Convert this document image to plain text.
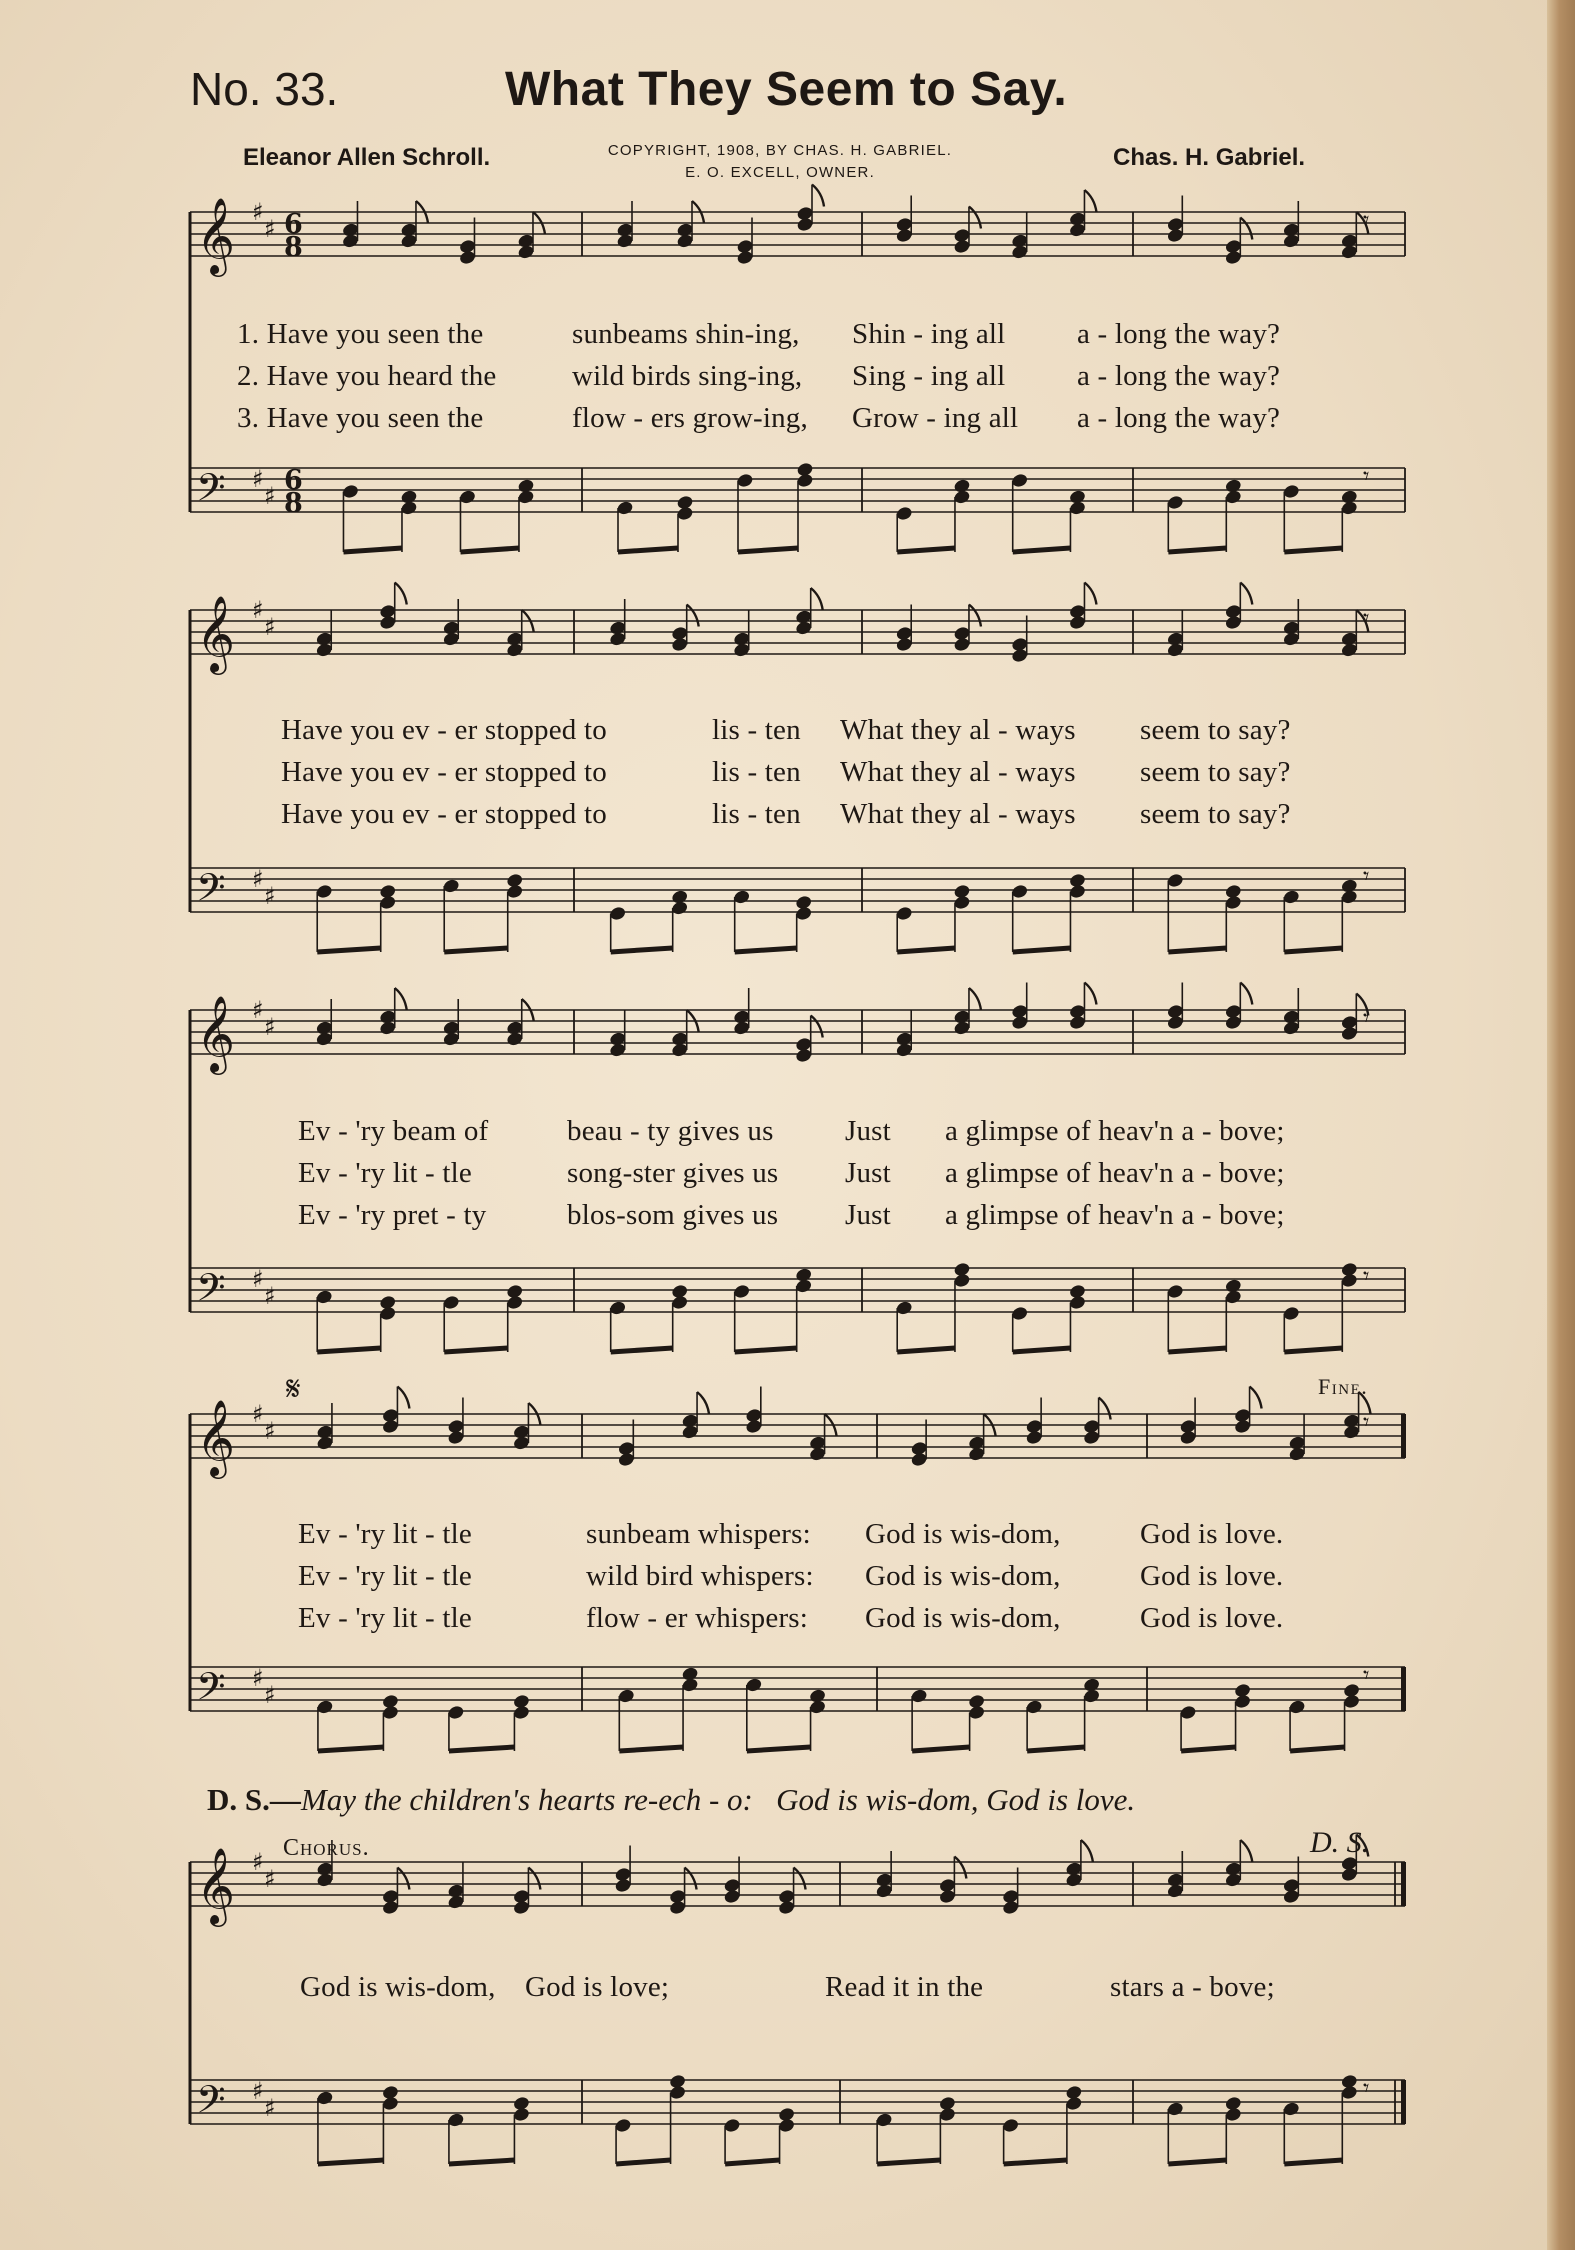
No. 33.	What They Seem to Say.
Eleanor Allen Schroll.	COPYRIGHT, 1908, BY CHAS. H. GABRIEL.
E. O. EXCELL, OWNER.
Chas. H. Gabriel.
𝄞 ♯
♯ 6
8
𝄾
𝄢 ♯
♯ 6
8
𝄾
𝄞 ♯
♯	𝄾
𝄢 ♯
♯
𝄾
𝄞 ♯
♯	𝄾
𝄢 ♯
♯
𝄾
𝄞 ♯
♯	𝄾
𝄢 ♯
♯
𝄾
𝄋
𝄞 ♯
♯
𝄢 ♯
♯
𝄾
1. Have you seen the	sunbeams shin-ing, Shin - ing all a - long the way?
2. Have you heard the	wild birds sing-ing, Sing - ing all a - long the way?
3. Have you seen the	flow - ers grow-ing, Grow - ing all a - long the way?
Have you ev - er stopped to	lis - ten What they al - ways seem to say?
Have you ev - er stopped to	lis - ten What they al - ways seem to say?
Have you ev - er stopped to	lis - ten What they al - ways seem to say?
Ev - 'ry beam of	beau - ty gives us Just a glimpse of heav'n a - bove;
Ev - 'ry lit - tle	song-ster gives us Just a glimpse of heav'n a - bove;
Ev - 'ry pret - ty	blos-som gives us Just a glimpse of heav'n a - bove;
Ev - 'ry lit - tle	sunbeam whispers: God is wis-dom,	God is love.
Ev - 'ry lit - tle	wild bird whispers: God is wis-dom,	God is love.
Ev - 'ry lit - tle	flow - er whispers: God is wis-dom,	God is love.
God is wis-dom, God is love;	Read it in the	stars a - bove;
Fine.
Chorus.	D. S.
D. S.—May the children's hearts re-ech - o: God is wis-dom, God is love.
